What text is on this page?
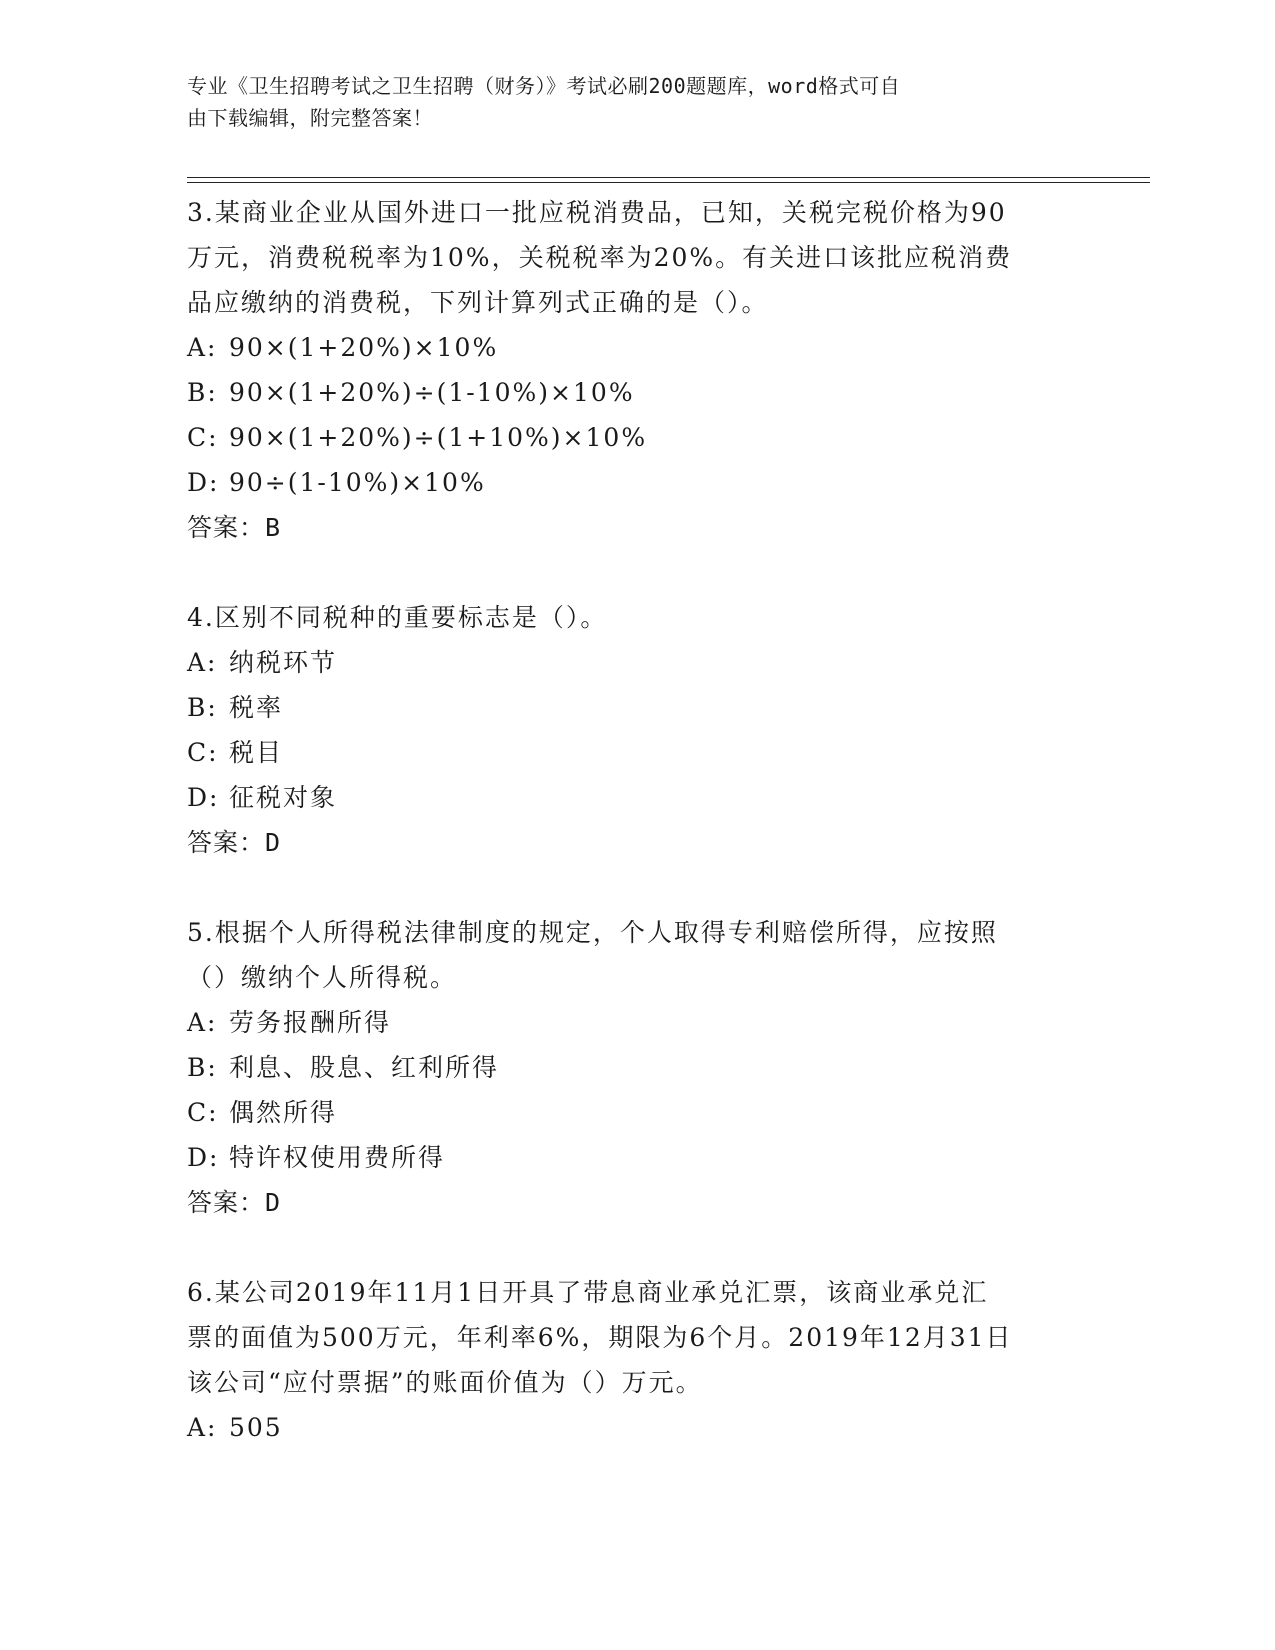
专业《卫生招聘考试之卫生招聘（财务）》考试必刷200题题库，word格式可自
由下载编辑，附完整答案！

3.某商业企业从国外进口一批应税消费品，已知，关税完税价格为90

万元，消费税税率为10%，关税税率为20%。有关进口该批应税消费

品应缴纳的消费税，下列计算列式正确的是（）。

A: 90×(1+20%)×10%

B: 90×(1+20%)÷(1-10%)×10%

C: 90×(1+20%)÷(1+10%)×10%

D: 90÷(1-10%)×10%

答案：B

4.区别不同税种的重要标志是（）。

A: 纳税环节

B: 税率

C: 税目

D: 征税对象

答案：D

5.根据个人所得税法律制度的规定，个人取得专利赔偿所得，应按照

（）缴纳个人所得税。

A: 劳务报酬所得

B: 利息、股息、红利所得

C: 偶然所得

D: 特许权使用费所得

答案：D

6.某公司2019年11月1日开具了带息商业承兑汇票，该商业承兑汇

票的面值为500万元，年利率6%，期限为6个月。2019年12月31日

该公司“应付票据”的账面价值为（）万元。

A: 505
